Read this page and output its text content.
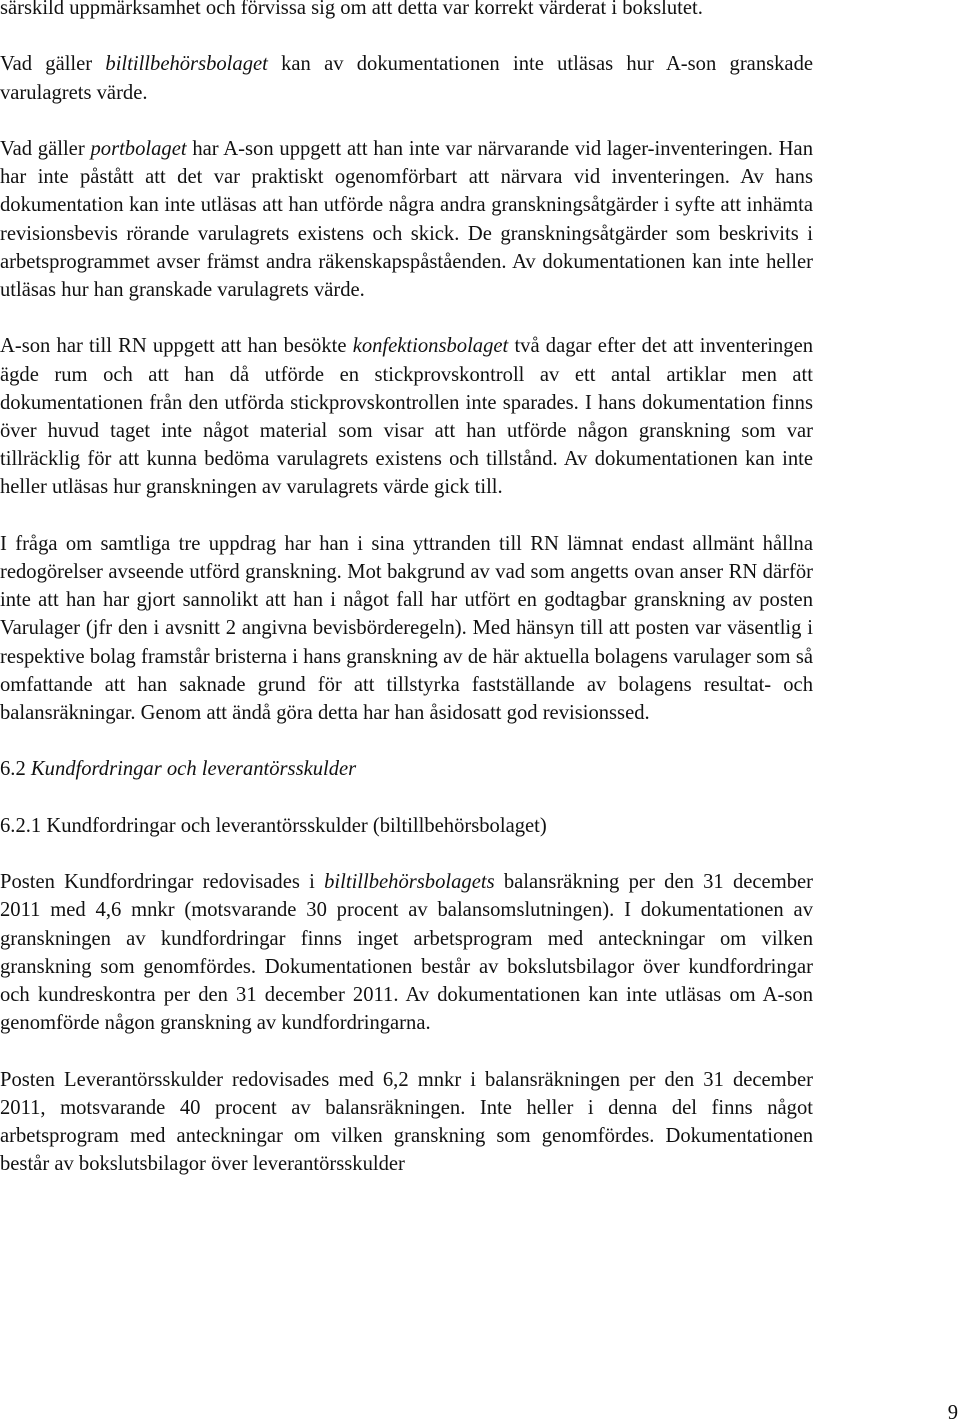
särskild uppmärksamhet och förvissa sig om att detta var korrekt värderat i bokslutet.

Vad gäller biltillbehörsbolaget kan av dokumentationen inte utläsas hur A-son granskade varulagrets värde.

Vad gäller portbolaget har A-son uppgett att han inte var närvarande vid lager-inventeringen. Han har inte påstått att det var praktiskt ogenomförbart att närvara vid inventeringen. Av hans dokumentation kan inte utläsas att han utförde några andra granskningsåtgärder i syfte att inhämta revisionsbevis rörande varulagrets existens och skick. De granskningsåtgärder som beskrivits i arbetsprogrammet avser främst andra räkenskapspåståenden. Av dokumentationen kan inte heller utläsas hur han granskade varulagrets värde.

A-son har till RN uppgett att han besökte konfektionsbolaget två dagar efter det att inventeringen ägde rum och att han då utförde en stickprovskontroll av ett antal artiklar men att dokumentationen från den utförda stickprovskontrollen inte sparades. I hans dokumentation finns över huvud taget inte något material som visar att han utförde någon granskning som var tillräcklig för att kunna bedöma varulagrets existens och tillstånd. Av dokumentationen kan inte heller utläsas hur granskningen av varulagrets värde gick till.

I fråga om samtliga tre uppdrag har han i sina yttranden till RN lämnat endast allmänt hållna redogörelser avseende utförd granskning. Mot bakgrund av vad som angetts ovan anser RN därför inte att han har gjort sannolikt att han i något fall har utfört en godtagbar granskning av posten Varulager (jfr den i avsnitt 2 angivna bevisbörderegeln). Med hänsyn till att posten var väsentlig i respektive bolag framstår bristerna i hans granskning av de här aktuella bolagens varulager som så omfattande att han saknade grund för att tillstyrka fastställande av bolagens resultat- och balansräkningar. Genom att ändå göra detta har han åsidosatt god revisionssed.

6.2 Kundfordringar och leverantörsskulder
6.2.1 Kundfordringar och leverantörsskulder (biltillbehörsbolaget)

Posten Kundfordringar redovisades i biltillbehörsbolagets balansräkning per den 31 december 2011 med 4,6 mnkr (motsvarande 30 procent av balansomslutningen). I dokumentationen av granskningen av kundfordringar finns inget arbetsprogram med anteckningar om vilken granskning som genomfördes. Dokumentationen består av bokslutsbilagor över kundfordringar och kundreskontra per den 31 december 2011. Av dokumentationen kan inte utläsas om A-son genomförde någon granskning av kundfordringarna.

Posten Leverantörsskulder redovisades med 6,2 mnkr i balansräkningen per den 31 december 2011, motsvarande 40 procent av balansräkningen. Inte heller i denna del finns något arbetsprogram med anteckningar om vilken granskning som genomfördes. Dokumentationen består av bokslutsbilagor över leverantörsskulder

9
